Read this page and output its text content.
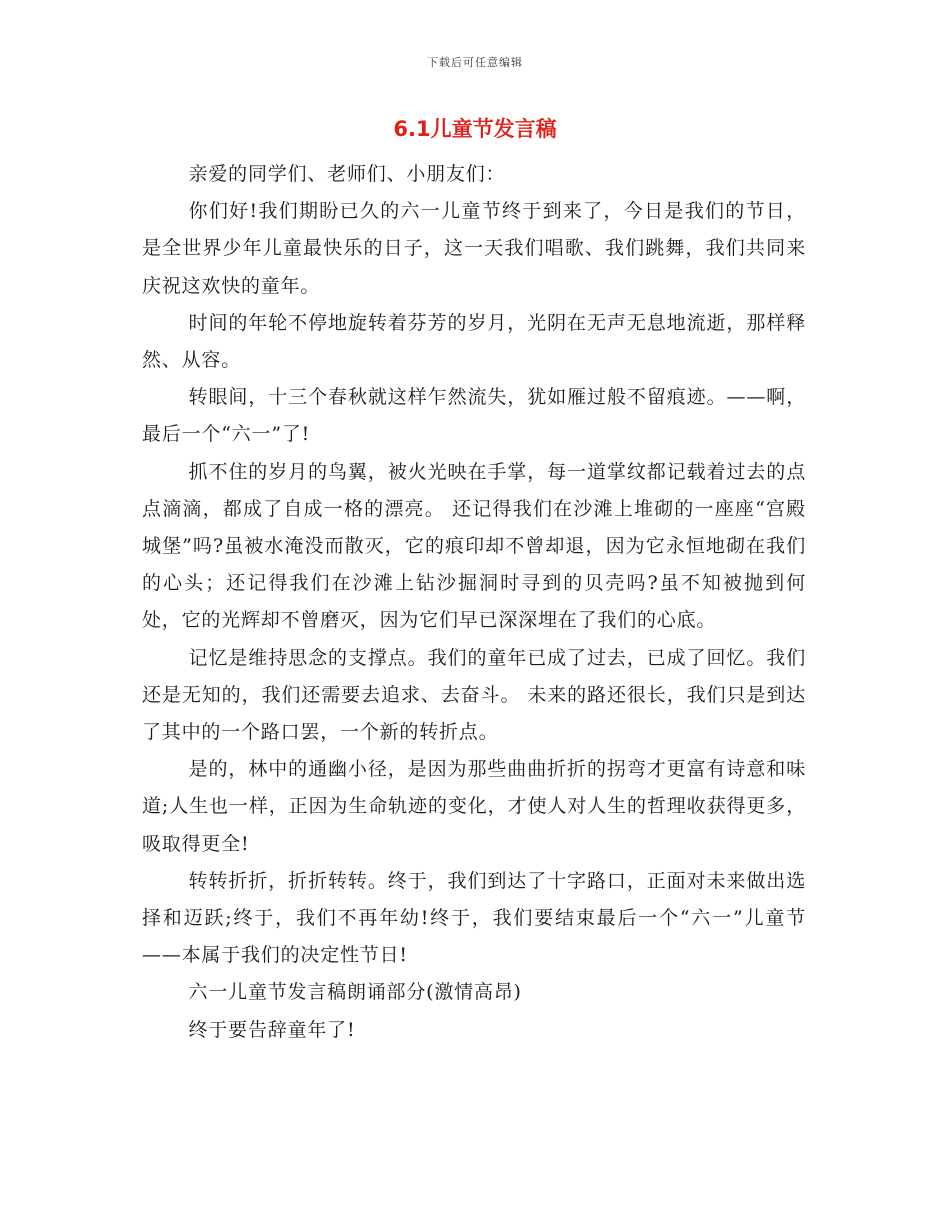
下载后可任意编辑
6.1儿童节发言稿

亲爱的同学们、老师们、小朋友们：

你们好!我们期盼已久的六一儿童节终于到来了，今日是我们的节日，是全世界少年儿童最快乐的日子，这一天我们唱歌、我们跳舞，我们共同来庆祝这欢快的童年。

时间的年轮不停地旋转着芬芳的岁月，光阴在无声无息地流逝，那样释然、从容。

转眼间，十三个春秋就这样乍然流失，犹如雁过般不留痕迹。——啊，最后一个“六一”了!

抓不住的岁月的鸟翼，被火光映在手掌，每一道掌纹都记载着过去的点点滴滴，都成了自成一格的漂亮。 还记得我们在沙滩上堆砌的一座座“宫殿城堡”吗?虽被水淹没而散灭，它的痕印却不曾却退，因为它永恒地砌在我们的心头；还记得我们在沙滩上钻沙掘洞时寻到的贝壳吗?虽不知被抛到何处，它的光辉却不曾磨灭，因为它们早已深深埋在了我们的心底。

记忆是维持思念的支撑点。我们的童年已成了过去，已成了回忆。我们还是无知的，我们还需要去追求、去奋斗。 未来的路还很长，我们只是到达了其中的一个路口罢，一个新的转折点。

是的，林中的通幽小径，是因为那些曲曲折折的拐弯才更富有诗意和味道;人生也一样，正因为生命轨迹的变化，才使人对人生的哲理收获得更多，吸取得更全!

转转折折，折折转转。终于，我们到达了十字路口，正面对未来做出选择和迈跃;终于，我们不再年幼!终于，我们要结束最后一个“六一”儿童节——本属于我们的决定性节日!

六一儿童节发言稿朗诵部分(激情高昂)

终于要告辞童年了!
